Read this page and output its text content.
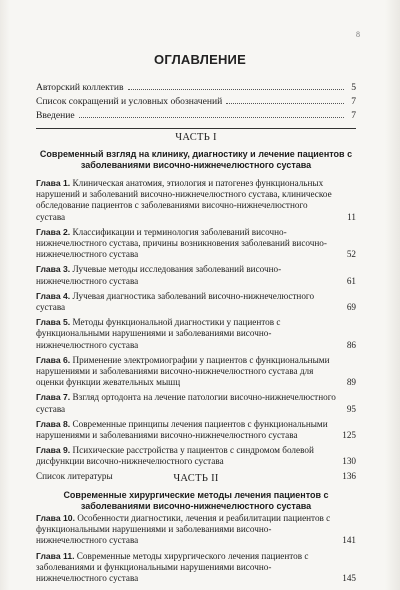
8
ОГЛАВЛЕНИЕ
Авторский коллектив	5
Список сокращений и условных обозначений	7
Введение	7
ЧАСТЬ I
Современный взгляд на клинику, диагностику и лечение пациентов с заболеваниями височно-нижнечелюстного сустава
Глава 1. Клиническая анатомия, этиология и патогенез функциональных нарушений и заболеваний височно-нижнечелюстного сустава, клиническое обследование пациентов с заболеваниями височно-нижнечелюстного сустава	11
Глава 2. Классификации и терминология заболеваний височно-нижнечелюстного сустава, причины возникновения заболеваний височно-нижнечелюстного сустава	52
Глава 3. Лучевые методы исследования заболеваний височно-нижнечелюстного сустава	61
Глава 4. Лучевая диагностика заболеваний височно-нижнечелюстного сустава	69
Глава 5. Методы функциональной диагностики у пациентов с функциональными нарушениями и заболеваниями височно-нижнечелюстного сустава	86
Глава 6. Применение электромиографии у пациентов с функциональными нарушениями и заболеваниями височно-нижнечелюстного сустава для оценки функции жевательных мышц	89
Глава 7. Взгляд ортодонта на лечение патологии височно-нижнечелюстного сустава	95
Глава 8. Современные принципы лечения пациентов с функциональными нарушениями и заболеваниями височно-нижнечелюстного сустава	125
Глава 9. Психические расстройства у пациентов с синдромом болевой дисфункции височно-нижнечелюстного сустава	130
Список литературы	136
ЧАСТЬ II
Современные хирургические методы лечения пациентов с заболеваниями височно-нижнечелюстного сустава
Глава 10. Особенности диагностики, лечения и реабилитации пациентов с функциональными нарушениями и заболеваниями височно-нижнечелюстного сустава	141
Глава 11. Современные методы хирургического лечения пациентов с заболеваниями и функциональными нарушениями височно-нижнечелюстного сустава	145
